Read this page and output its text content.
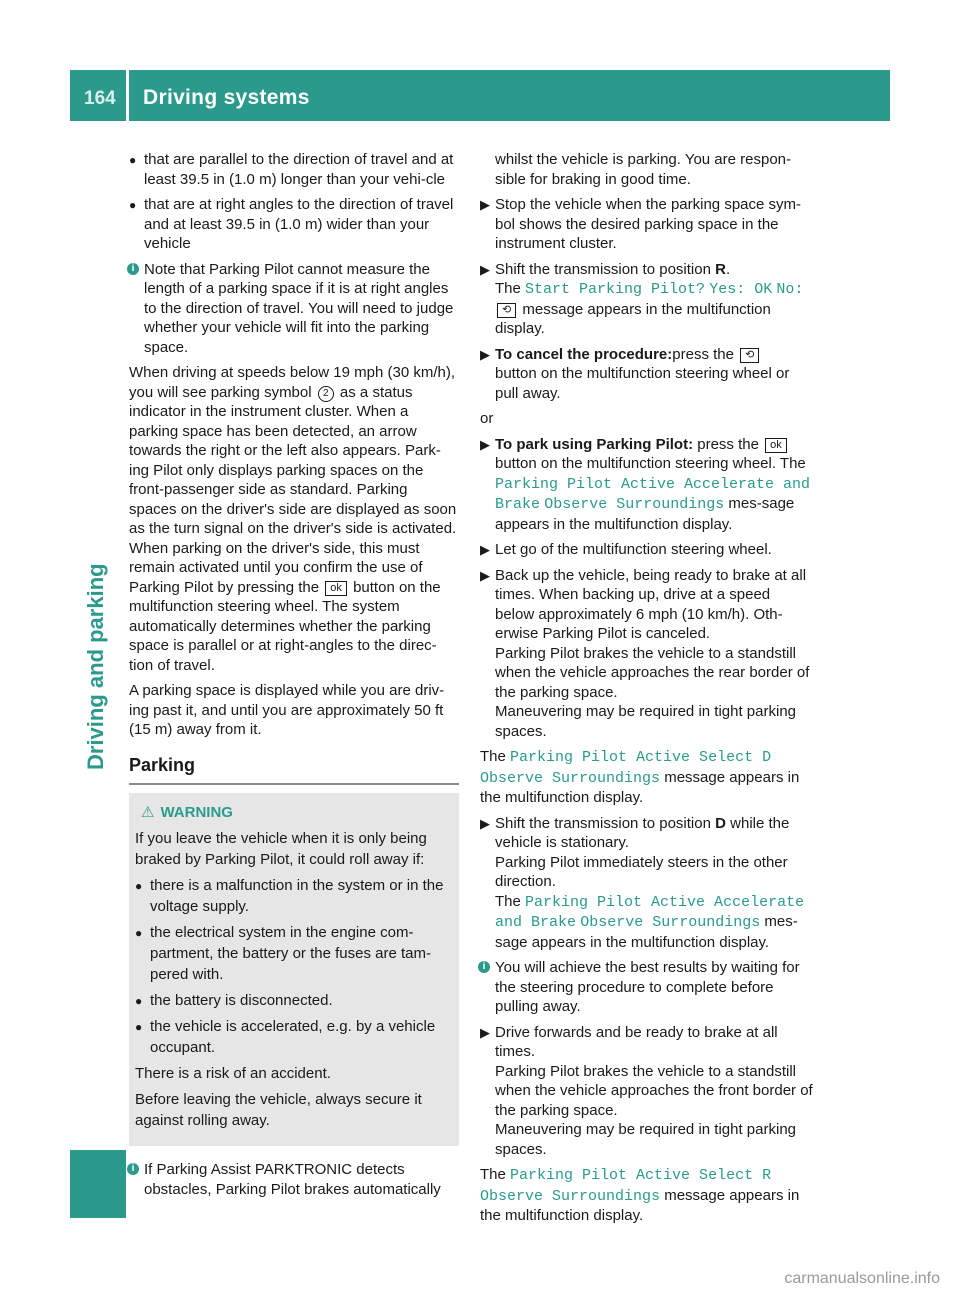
164 Driving systems
Driving and parking
● that are parallel to the direction of travel and at least 39.5 in (1.0 m) longer than your vehi-cle
● that are at right angles to the direction of travel and at least 39.5 in (1.0 m) wider than your vehicle
i Note that Parking Pilot cannot measure the length of a parking space if it is at right angles to the direction of travel. You will need to judge whether your vehicle will fit into the parking space.

When driving at speeds below 19 mph (30 km/h), you will see parking symbol 2 as a status indicator in the instrument cluster. When a parking space has been detected, an arrow towards the right or the left also appears. Park-ing Pilot only displays parking spaces on the front-passenger side as standard. Parking spaces on the driver's side are displayed as soon as the turn signal on the driver's side is activated. When parking on the driver's side, this must remain activated until you confirm the use of Parking Pilot by pressing the ok button on the multifunction steering wheel. The system automatically determines whether the parking space is parallel or at right-angles to the direc-tion of travel.

A parking space is displayed while you are driv-ing past it, and until you are approximately 50 ft (15 m) away from it.

Parking
⚠ WARNING

If you leave the vehicle when it is only being braked by Parking Pilot, it could roll away if:

● there is a malfunction in the system or in the voltage supply.
● the electrical system in the engine com-partment, the battery or the fuses are tam-pered with.
● the battery is disconnected.
● the vehicle is accelerated, e.g. by a vehicle occupant.

There is a risk of an accident.

Before leaving the vehicle, always secure it against rolling away.

i If Parking Assist PARKTRONIC detects obstacles, Parking Pilot brakes automatically

whilst the vehicle is parking. You are respon-sible for braking in good time.

▶ Stop the vehicle when the parking space sym-bol shows the desired parking space in the instrument cluster.
▶ Shift the transmission to position R.
The Start Parking Pilot? Yes: OK No:
⟲ message appears in the multifunction display.
▶ To cancel the procedure:press the ⟲
button on the multifunction steering wheel or pull away.

or

▶ To park using Parking Pilot: press the ok
button on the multifunction steering wheel. The Parking Pilot Active Accelerate and Brake Observe Surroundings mes-sage appears in the multifunction display.
▶ Let go of the multifunction steering wheel.
▶ Back up the vehicle, being ready to brake at all times. When backing up, drive at a speed below approximately 6 mph (10 km/h). Oth-erwise Parking Pilot is canceled.
Parking Pilot brakes the vehicle to a standstill when the vehicle approaches the rear border of the parking space.
Maneuvering may be required in tight parking spaces.

The Parking Pilot Active Select D Observe Surroundings message appears in the multifunction display.

▶ Shift the transmission to position D while the vehicle is stationary.
Parking Pilot immediately steers in the other direction.
The Parking Pilot Active Accelerate and Brake Observe Surroundings mes-sage appears in the multifunction display.
i You will achieve the best results by waiting for the steering procedure to complete before pulling away.
▶ Drive forwards and be ready to brake at all times.
Parking Pilot brakes the vehicle to a standstill when the vehicle approaches the front border of the parking space.
Maneuvering may be required in tight parking spaces.

The Parking Pilot Active Select R Observe Surroundings message appears in the multifunction display.

carmanualsonline.info
